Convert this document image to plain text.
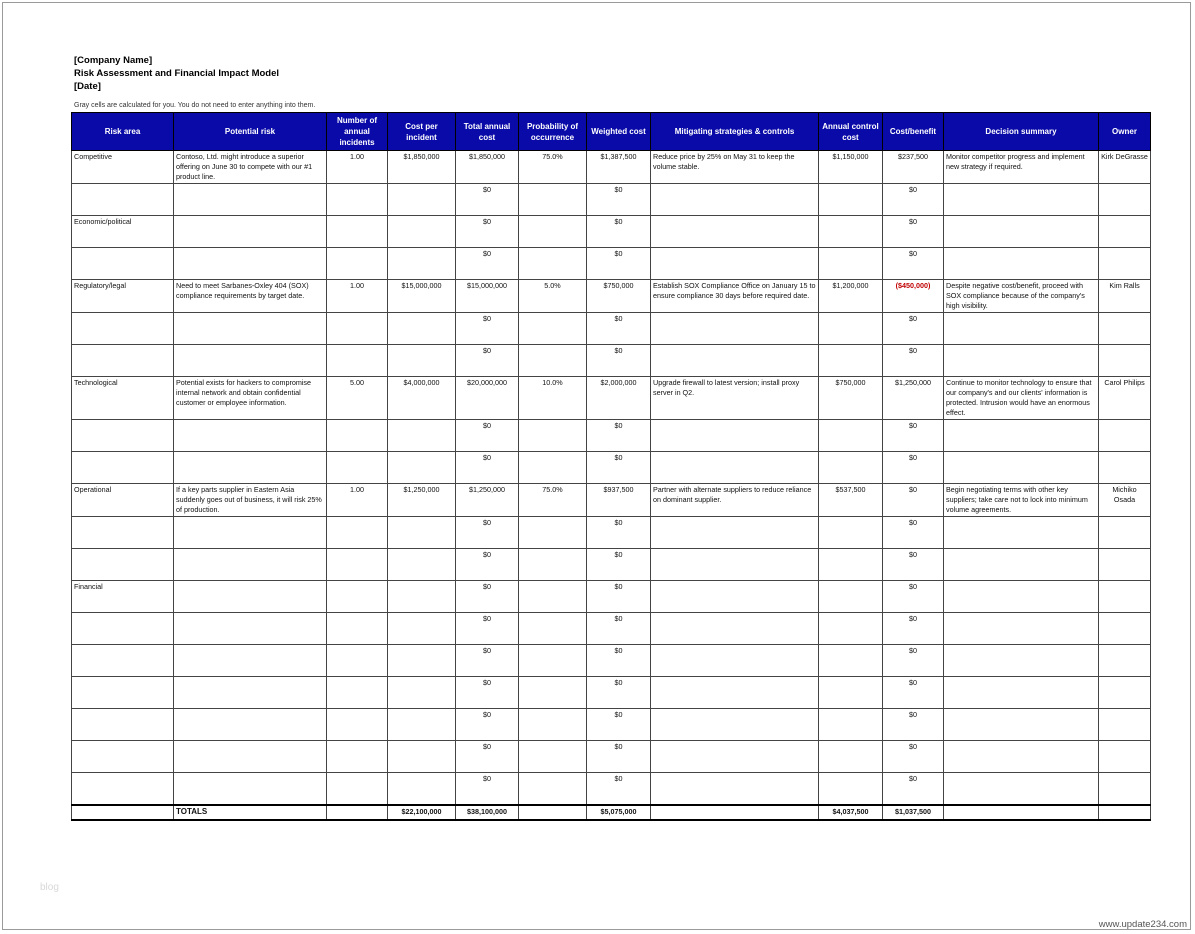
[Company Name]
Risk Assessment and Financial Impact Model
[Date]
Gray cells are calculated for you. You do not need to enter anything into them.
Risk area	Potential risk	Number of annual incidents	Cost per incident	Total annual cost	Probability of occurrence	Weighted cost	Mitigating strategies & controls	Annual control cost	Cost/benefit	Decision summary	Owner
Competitive	Contoso, Ltd. might introduce a superior offering on June 30 to compete with our #1 product line.	1.00	$1,850,000	$1,850,000	75.0%	$1,387,500	Reduce price by 25% on May 31 to keep the volume stable.	$1,150,000	$237,500	Monitor competitor progress and implement new strategy if required.	Kirk DeGrasse
				$0		$0			$0		
Economic/political				$0		$0			$0		
				$0		$0			$0		
Regulatory/legal	Need to meet Sarbanes-Oxley 404 (SOX) compliance requirements by target date.	1.00	$15,000,000	$15,000,000	5.0%	$750,000	Establish SOX Compliance Office on January 15 to ensure compliance 30 days before required date.	$1,200,000	($450,000)	Despite negative cost/benefit, proceed with SOX compliance because of the company's high visibility.	Kim Ralls
				$0		$0			$0		
				$0		$0			$0		
Technological	Potential exists for hackers to compromise internal network and obtain confidential customer or employee information.	5.00	$4,000,000	$20,000,000	10.0%	$2,000,000	Upgrade firewall to latest version; install proxy server in Q2.	$750,000	$1,250,000	Continue to monitor technology to ensure that our company's and our clients' information is protected. Intrusion would have an enormous effect.	Carol Philips
				$0		$0			$0		
				$0		$0			$0		
Operational	If a key parts supplier in Eastern Asia suddenly goes out of business, it will risk 25% of production.	1.00	$1,250,000	$1,250,000	75.0%	$937,500	Partner with alternate suppliers to reduce reliance on dominant supplier.	$537,500	$0	Begin negotiating terms with other key suppliers; take care not to lock into minimum volume agreements.	Michiko Osada
				$0		$0			$0		
				$0		$0			$0		
Financial				$0		$0			$0		
				$0		$0			$0		
				$0		$0			$0		
				$0		$0			$0		
				$0		$0			$0		
				$0		$0			$0		
				$0		$0			$0		
	TOTALS		$22,100,000	$38,100,000		$5,075,000		$4,037,500	$1,037,500		
blog
www.update234.com
